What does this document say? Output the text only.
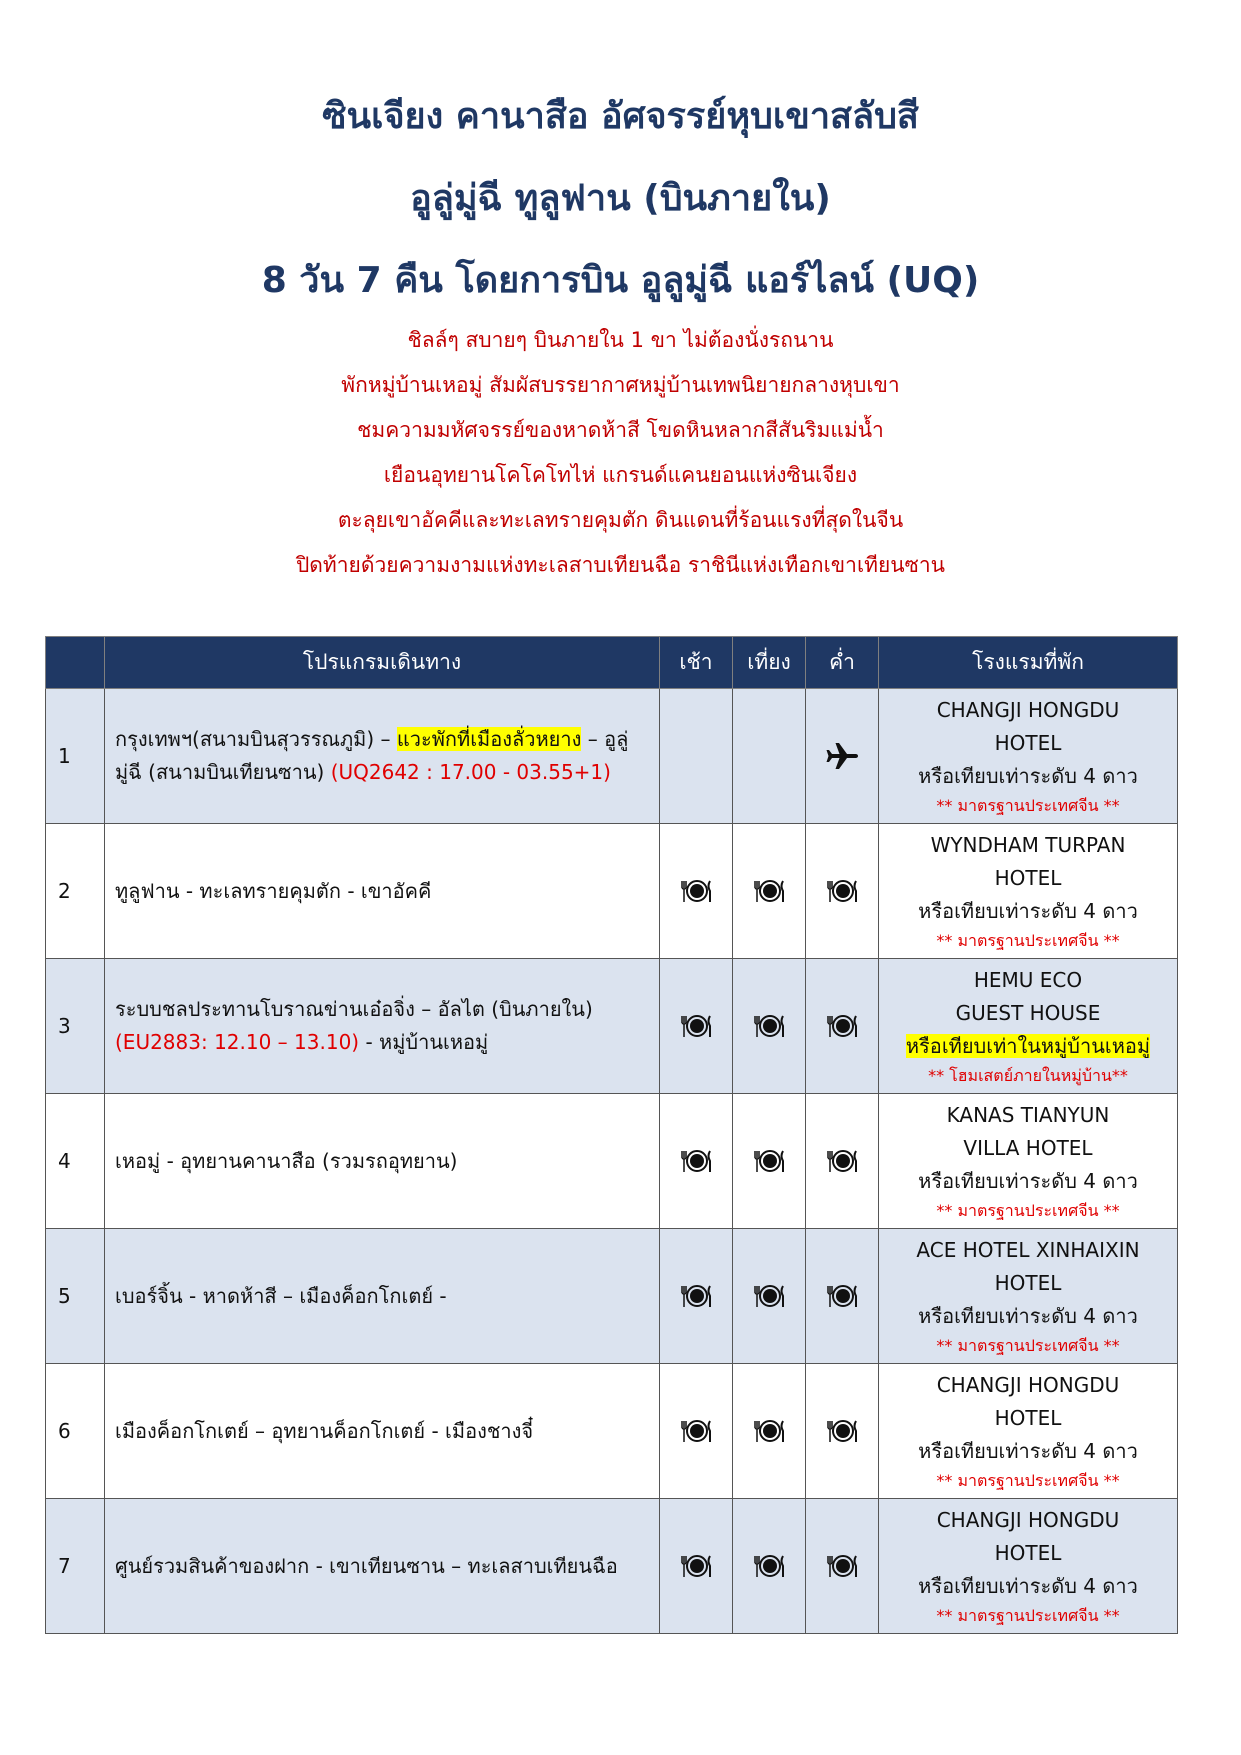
ซินเจียง คานาสือ อัศจรรย์หุบเขาสลับสี
อูลู่มู่ฉี ทูลูฟาน (บินภายใน)
8 วัน 7 คืน โดยการบิน อูลูมู่ฉี แอร์ไลน์ (UQ)
ชิลล์ๆ สบายๆ บินภายใน 1 ขา ไม่ต้องนั่งรถนาน
พักหมู่บ้านเหอมู่ สัมผัสบรรยากาศหมู่บ้านเทพนิยายกลางหุบเขา
ชมความมหัศจรรย์ของหาดห้าสี โขดหินหลากสีสันริมแม่น้ำ
เยือนอุทยานโคโคโทไห่ แกรนด์แคนยอนแห่งซินเจียง
ตะลุยเขาอัคคีและทะเลทรายคุมตัก ดินแดนที่ร้อนแรงที่สุดในจีน
ปิดท้ายด้วยความงามแห่งทะเลสาบเทียนฉือ ราชินีแห่งเทือกเขาเทียนซาน
	โปรแกรมเดินทาง	เช้า	เที่ยง	ค่ำ	โรงแรมที่พัก
1	กรุงเทพฯ(สนามบินสุวรรณภูมิ) – แวะพักที่เมืองลั่วหยาง – อูลู่มู่ฉี (สนามบินเทียนซาน) (UQ2642 : 17.00 - 03.55+1)				CHANGJI HONGDU
HOTEL
หรือเทียบเท่าระดับ 4 ดาว
** มาตรฐานประเทศจีน **

2	ทูลูฟาน - ทะเลทรายคุมตัก - เขาอัคคี				WYNDHAM TURPAN
HOTEL
หรือเทียบเท่าระดับ 4 ดาว
** มาตรฐานประเทศจีน **

3	ระบบชลประทานโบราณข่านเอ๋อจิ่ง – อัลไต (บินภายใน) (EU2883: 12.10 – 13.10) - หมู่บ้านเหอมู่				HEMU ECO
GUEST HOUSE
หรือเทียบเท่าในหมู่บ้านเหอมู่
** โฮมเสตย์ภายในหมู่บ้าน**

4	เหอมู่ - อุทยานคานาสือ (รวมรถอุทยาน)				KANAS TIANYUN
VILLA HOTEL
หรือเทียบเท่าระดับ 4 ดาว
** มาตรฐานประเทศจีน **

5	เบอร์จิ้น - หาดห้าสี – เมืองค็อกโกเตย์ -				ACE HOTEL XINHAIXIN
HOTEL
หรือเทียบเท่าระดับ 4 ดาว
** มาตรฐานประเทศจีน **

6	เมืองค็อกโกเตย์ – อุทยานค็อกโกเตย์ - เมืองชางจี๋				CHANGJI HONGDU
HOTEL
หรือเทียบเท่าระดับ 4 ดาว
** มาตรฐานประเทศจีน **

7	ศูนย์รวมสินค้าของฝาก - เขาเทียนซาน – ทะเลสาบเทียนฉือ				CHANGJI HONGDU
HOTEL
หรือเทียบเท่าระดับ 4 ดาว
** มาตรฐานประเทศจีน **
